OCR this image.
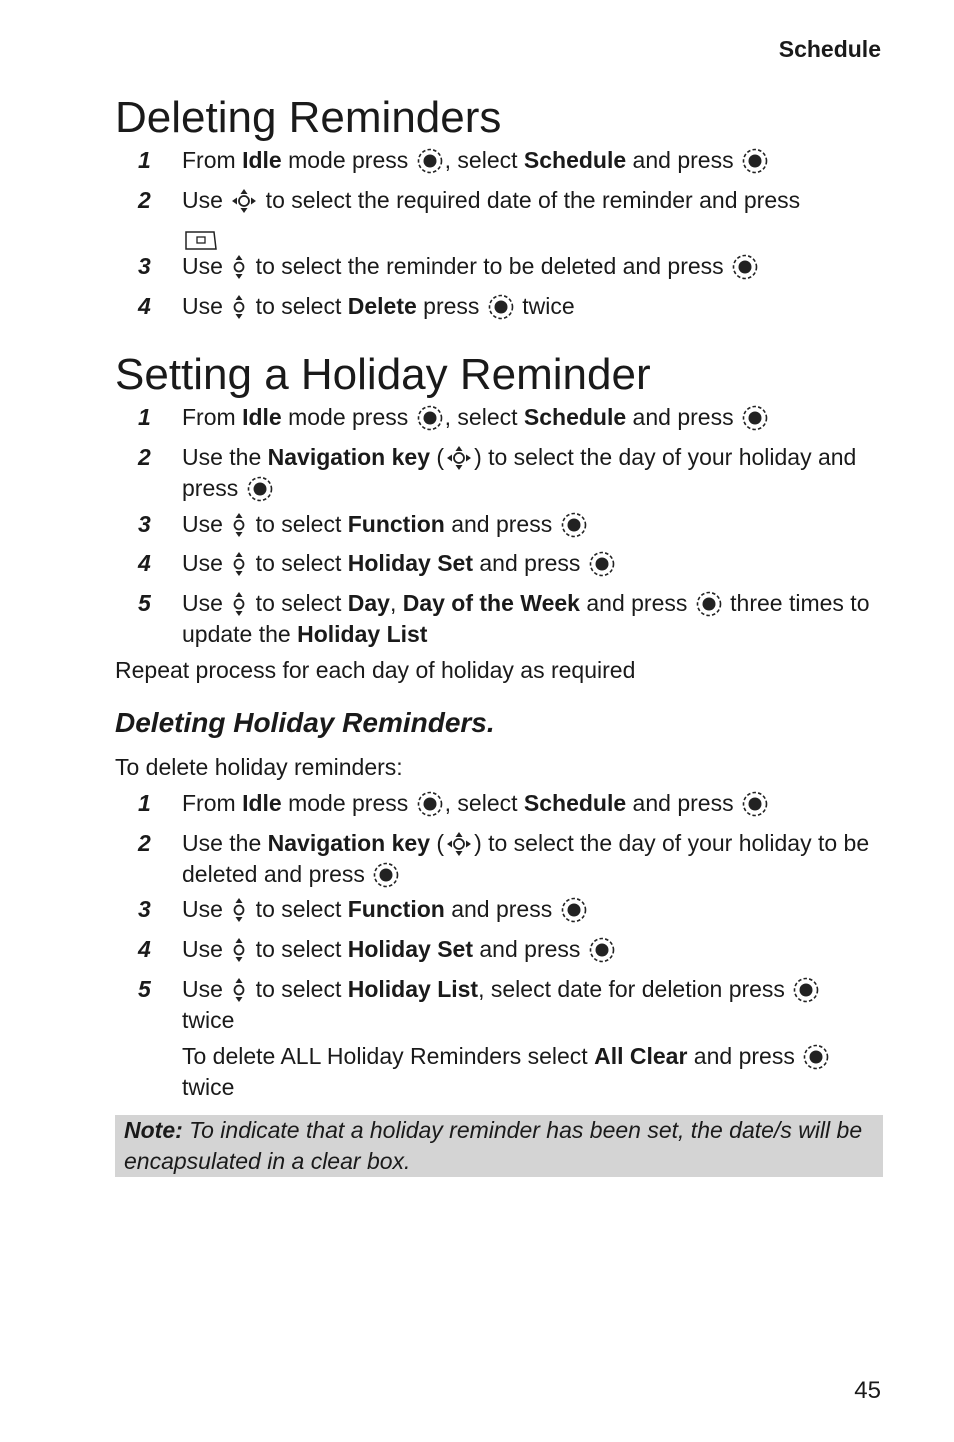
Schedule
Deleting Reminders
1 From Idle mode press
, select Schedule and press
2 Use
to select the required date of the reminder and press

3 Use
to select the reminder to be deleted and press
4 Use
to select Delete press
twice
Setting a Holiday Reminder
1 From Idle mode press
, select Schedule and press
2 Use the Navigation key ( ) to select the day of your holiday and press
3 Use
to select Function and press
4 Use
to select Holiday Set and press
5 Use
to select Day, Day of the Week and press
three times to update the Holiday List
Repeat process for each day of holiday as required
Deleting Holiday Reminders.
To delete holiday reminders:
1 From Idle mode press
, select Schedule and press
2 Use the Navigation key ( ) to select the day of your holiday to be deleted and press
3 Use
to select Function and press
4 Use
to select Holiday Set and press
5 Use
to select Holiday List, select date for deletion press
twice
To delete ALL Holiday Reminders select All Clear and press
twice
Note: To indicate that a holiday reminder has been set, the date/s will be encapsulated in a clear box.
45
